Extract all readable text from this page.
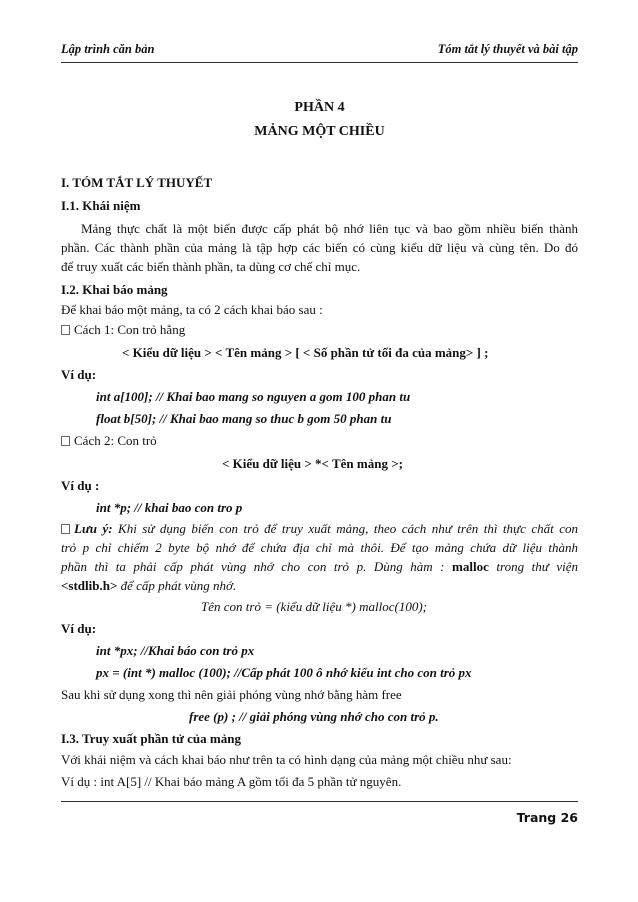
Lập trình căn bản	Tóm tắt lý thuyết và bài tập
PHẦN 4
MẢNG MỘT CHIỀU
I. TÓM TẮT LÝ THUYẾT
I.1. Khái niệm
Mảng thực chất là một biến được cấp phát bộ nhớ liên tục và bao gồm nhiều biến thành
phần. Các thành phần của mảng là tập hợp các biến có cùng kiểu dữ liệu và cùng tên. Do đó
để truy xuất các biến thành phần, ta dùng cơ chế chỉ mục.
I.2. Khai báo mảng
Để khai báo một mảng, ta có 2 cách khai báo sau :
Cách 1: Con trỏ hằng
< Kiểu dữ liệu > < Tên mảng > [ < Số phần tử tối đa của mảng> ] ;
Ví dụ:
int a[100]; // Khai bao mang so nguyen a gom 100 phan tu
float b[50]; // Khai bao mang so thuc b gom 50 phan tu
Cách 2: Con trỏ
< Kiểu dữ liệu > *< Tên mảng >;
Ví dụ :
int *p; // khai bao con tro p
Lưu ý: Khi sử dụng biến con trỏ để truy xuất mảng, theo cách như trên thì thực chất con
trỏ p chỉ chiếm 2 byte bộ nhớ để chứa địa chỉ mà thôi. Để tạo mảng chứa dữ liệu thành
phần thì ta phải cấp phát vùng nhớ cho con trỏ p. Dùng hàm : malloc trong thư viện
<stdlib.h> để cấp phát vùng nhớ.
Tên con trỏ = (kiểu dữ liệu *) malloc(100);
Ví dụ:
int *px; //Khai báo con trỏ px
px = (int *) malloc (100); //Cấp phát 100 ô nhớ kiểu int cho con trỏ px
Sau khi sử dụng xong thì nên giải phóng vùng nhớ bằng hàm free
free (p) ; // giải phóng vùng nhớ cho con trỏ p.
I.3. Truy xuất phần tử của mảng
Với khái niệm và cách khai báo như trên ta có hình dạng của mảng một chiều như sau:
Ví dụ : int A[5] // Khai báo mảng A gồm tối đa 5 phần tử nguyên.
Trang 26
